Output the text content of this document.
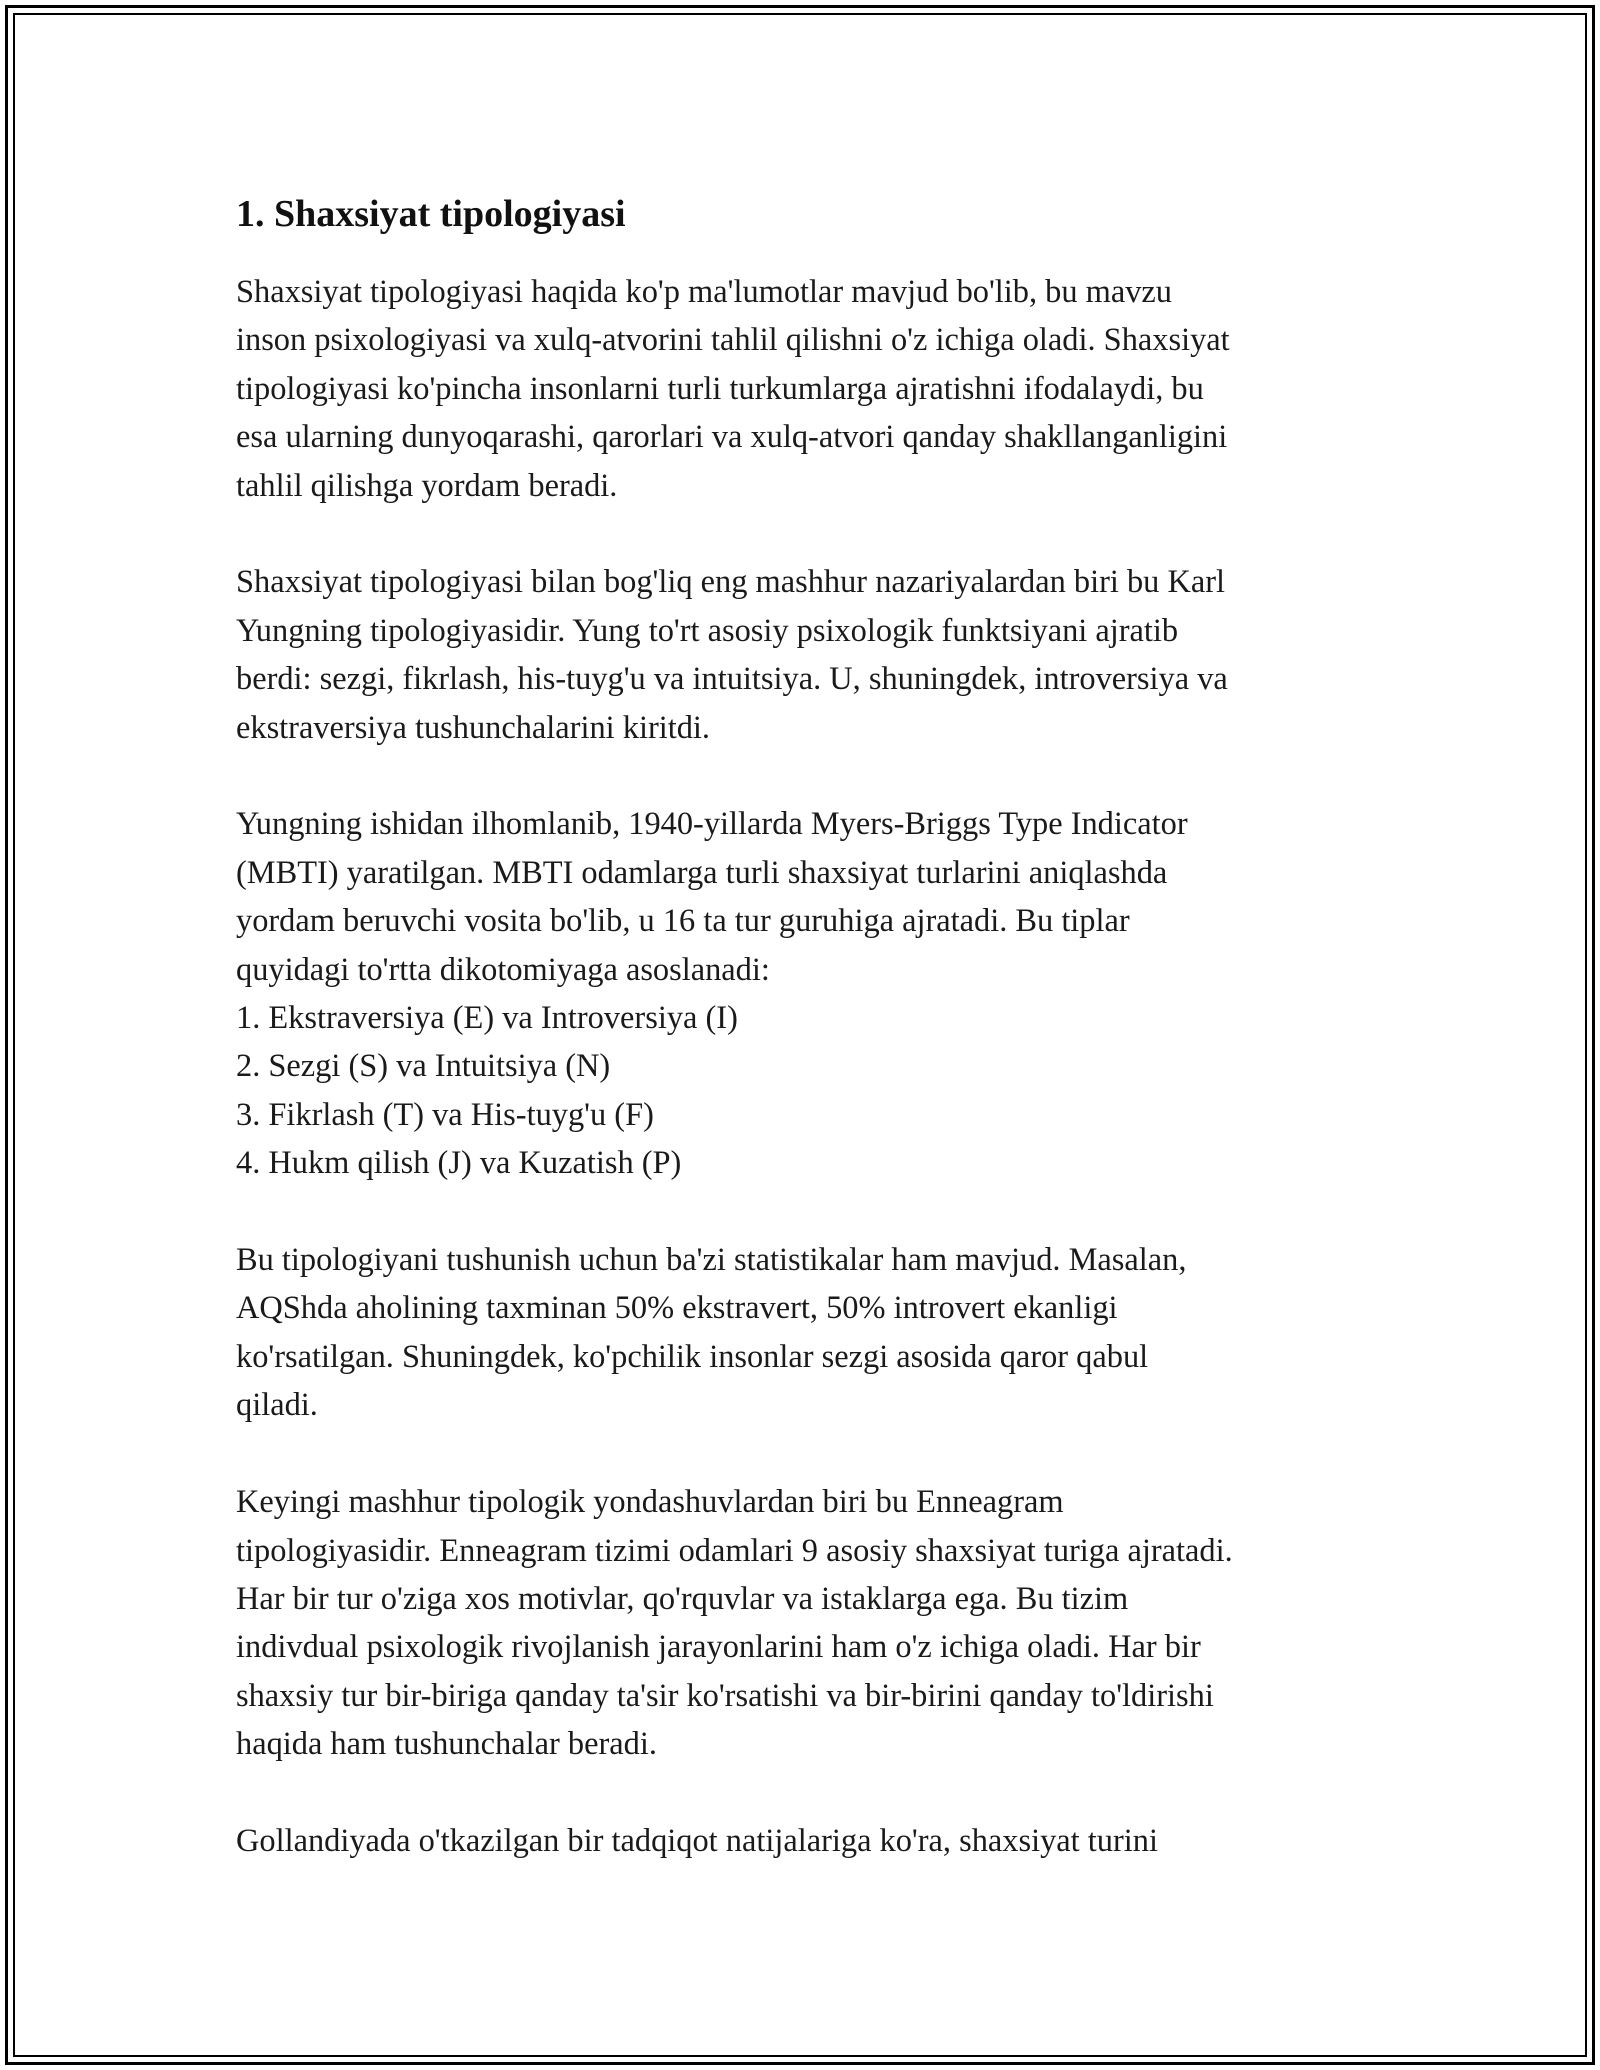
1. Shaxsiyat tipologiyasi

Shaxsiyat tipologiyasi haqida ko'p ma'lumotlar mavjud bo'lib, bu mavzu
inson psixologiyasi va xulq-atvorini tahlil qilishni o'z ichiga oladi. Shaxsiyat
tipologiyasi ko'pincha insonlarni turli turkumlarga ajratishni ifodalaydi, bu
esa ularning dunyoqarashi, qarorlari va xulq-atvori qanday shakllanganligini
tahlil qilishga yordam beradi.

Shaxsiyat tipologiyasi bilan bog'liq eng mashhur nazariyalardan biri bu Karl
Yungning tipologiyasidir. Yung to'rt asosiy psixologik funktsiyani ajratib
berdi: sezgi, fikrlash, his-tuyg'u va intuitsiya. U, shuningdek, introversiya va
ekstraversiya tushunchalarini kiritdi.

Yungning ishidan ilhomlanib, 1940-yillarda Myers-Briggs Type Indicator
(MBTI) yaratilgan. MBTI odamlarga turli shaxsiyat turlarini aniqlashda
yordam beruvchi vosita bo'lib, u 16 ta tur guruhiga ajratadi. Bu tiplar
quyidagi to'rtta dikotomiyaga asoslanadi:
1. Ekstraversiya (E) va Introversiya (I)
2. Sezgi (S) va Intuitsiya (N)
3. Fikrlash (T) va His-tuyg'u (F)
4. Hukm qilish (J) va Kuzatish (P)

Bu tipologiyani tushunish uchun ba'zi statistikalar ham mavjud. Masalan,
AQShda aholining taxminan 50% ekstravert, 50% introvert ekanligi
ko'rsatilgan. Shuningdek, ko'pchilik insonlar sezgi asosida qaror qabul
qiladi.

Keyingi mashhur tipologik yondashuvlardan biri bu Enneagram
tipologiyasidir. Enneagram tizimi odamlari 9 asosiy shaxsiyat turiga ajratadi.
Har bir tur o'ziga xos motivlar, qo'rquvlar va istaklarga ega. Bu tizim
indivdual psixologik rivojlanish jarayonlarini ham o'z ichiga oladi. Har bir
shaxsiy tur bir-biriga qanday ta'sir ko'rsatishi va bir-birini qanday to'ldirishi
haqida ham tushunchalar beradi.

Gollandiyada o'tkazilgan bir tadqiqot natijalariga ko'ra, shaxsiyat turini
